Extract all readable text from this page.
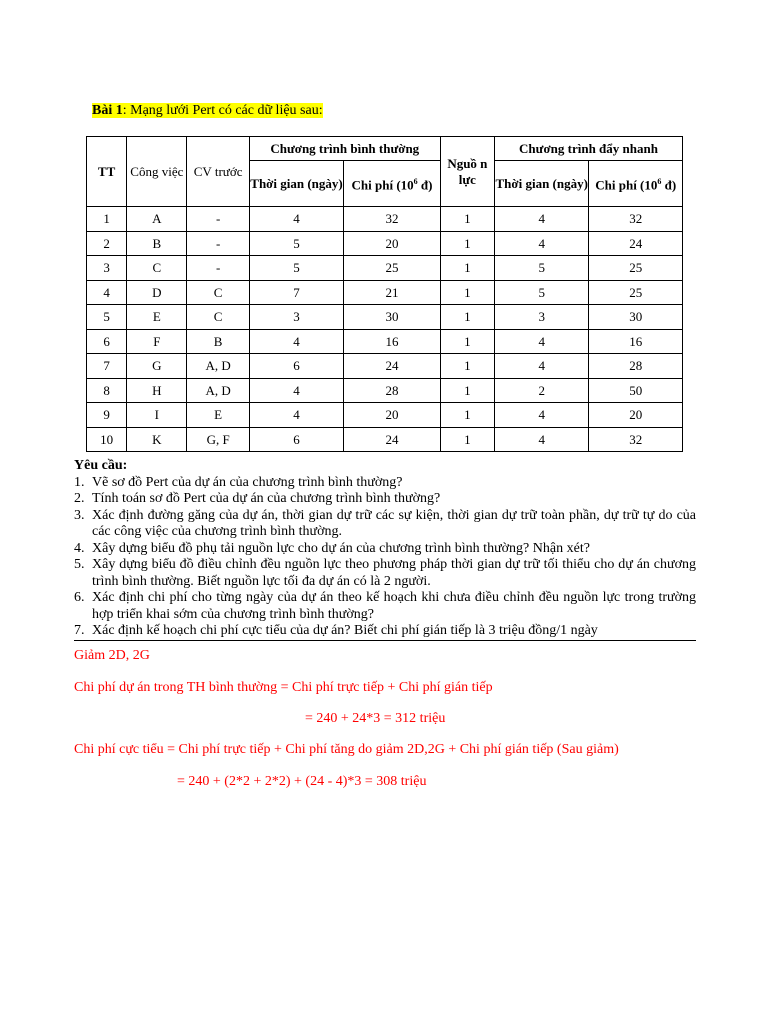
Bài 1: Mạng lưới Pert có các dữ liệu sau:
TT	Công việc	CV trước	Chương trình bình thường		Nguồ n lực	Chương trình đẩy nhanh	
			Thời gian (ngày)	Chi phí ($10^6$ đ)		Thời gian (ngày)	Chi phí ($10^6$ đ)
1	A	-	4	32	1	4	32
2	B	-	5	20	1	4	24
3	C	-	5	25	1	5	25
4	D	C	7	21	1	5	25
5	E	C	3	30	1	3	30
6	F	B	4	16	1	4	16
7	G	A, D	6	24	1	4	28
8	H	A, D	4	28	1	2	50
9	I	E	4	20	1	4	20
10	K	G, F	6	24	1	4	32
Yêu cầu:
1. Vẽ sơ đồ Pert của dự án của chương trình bình thường?
2. Tính toán sơ đồ Pert của dự án của chương trình bình thường?
3. Xác định đường găng của dự án, thời gian dự trữ các sự kiện, thời gian dự trữ toàn phần, dự trữ tự do của các công việc của chương trình bình thường.
4. Xây dựng biểu đồ phụ tải nguồn lực cho dự án của chương trình bình thường? Nhận xét?
5. Xây dựng biểu đồ điều chỉnh đều nguồn lực theo phương pháp thời gian dự trữ tối thiểu cho dự án chương trình bình thường. Biết nguồn lực tối đa dự án có là 2 người.
6. Xác định chi phí cho từng ngày của dự án theo kế hoạch khi chưa điều chỉnh đều nguồn lực trong trường hợp triển khai sớm của chương trình bình thường?
7. Xác định kế hoạch chi phí cực tiểu của dự án? Biết chi phí gián tiếp là 3 triệu đồng/1 ngày
Giảm 2D, 2G
Chi phí dự án trong TH bình thường = Chi phí trực tiếp + Chi phí gián tiếp
= 240 + 24*3 = 312 triệu
Chi phí cực tiểu = Chi phí trực tiếp + Chi phí tăng do giảm 2D,2G + Chi phí gián tiếp (Sau giảm)
= 240 + (2*2 + 2*2) + (24 - 4)*3 = 308 triệu
